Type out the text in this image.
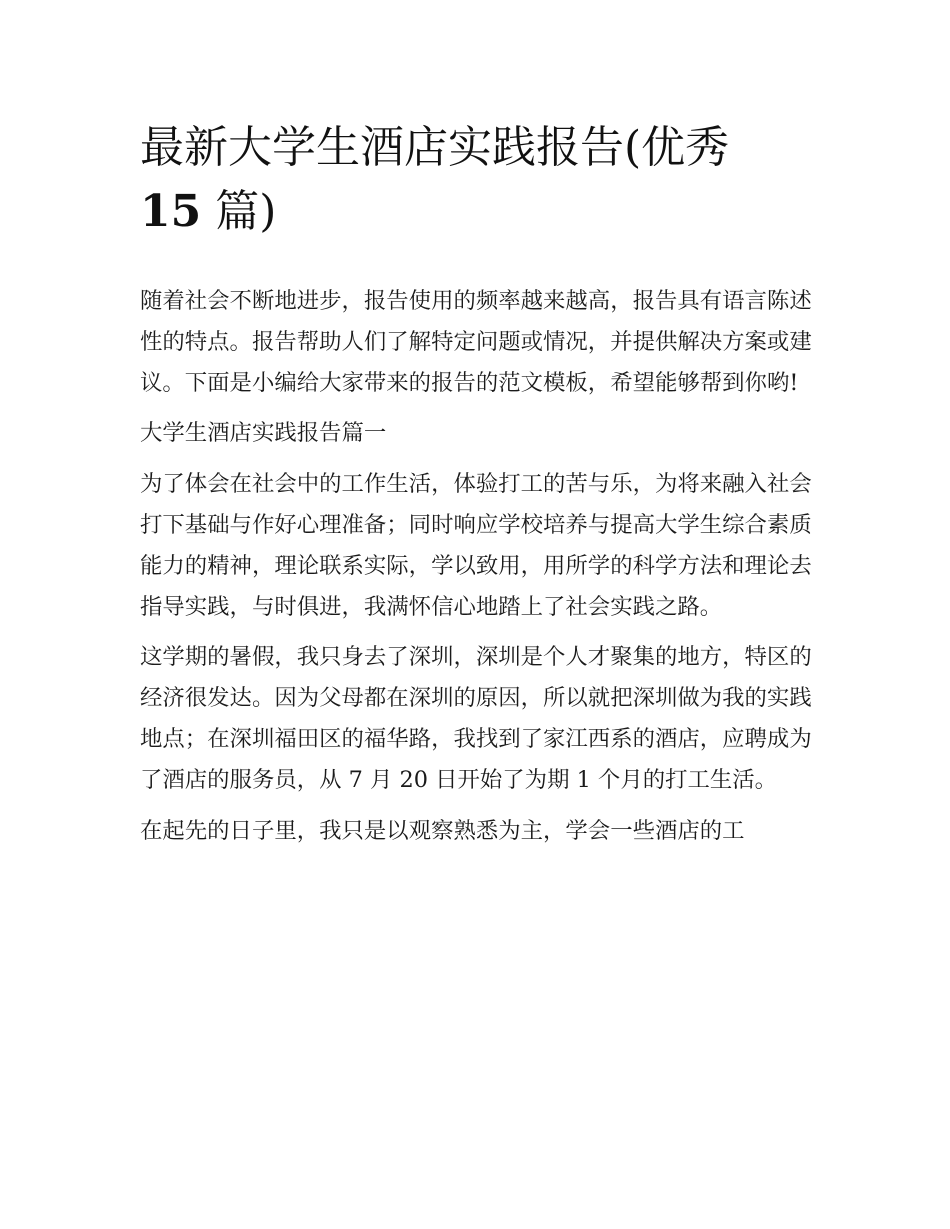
最新大学生酒店实践报告(优秀
15 篇)

随着社会不断地进步，报告使用的频率越来越高，报告具有语言陈述性的特点。报告帮助人们了解特定问题或情况，并提供解决方案或建议。下面是小编给大家带来的报告的范文模板，希望能够帮到你哟!

大学生酒店实践报告篇一

为了体会在社会中的工作生活，体验打工的苦与乐，为将来融入社会打下基础与作好心理准备；同时响应学校培养与提高大学生综合素质能力的精神，理论联系实际，学以致用，用所学的科学方法和理论去指导实践，与时俱进，我满怀信心地踏上了社会实践之路。

这学期的暑假，我只身去了深圳，深圳是个人才聚集的地方，特区的经济很发达。因为父母都在深圳的原因，所以就把深圳做为我的实践地点；在深圳福田区的福华路，我找到了家江西系的酒店，应聘成为了酒店的服务员，从 7 月 20 日开始了为期 1 个月的打工生活。

在起先的日子里，我只是以观察熟悉为主，学会一些酒店的工
